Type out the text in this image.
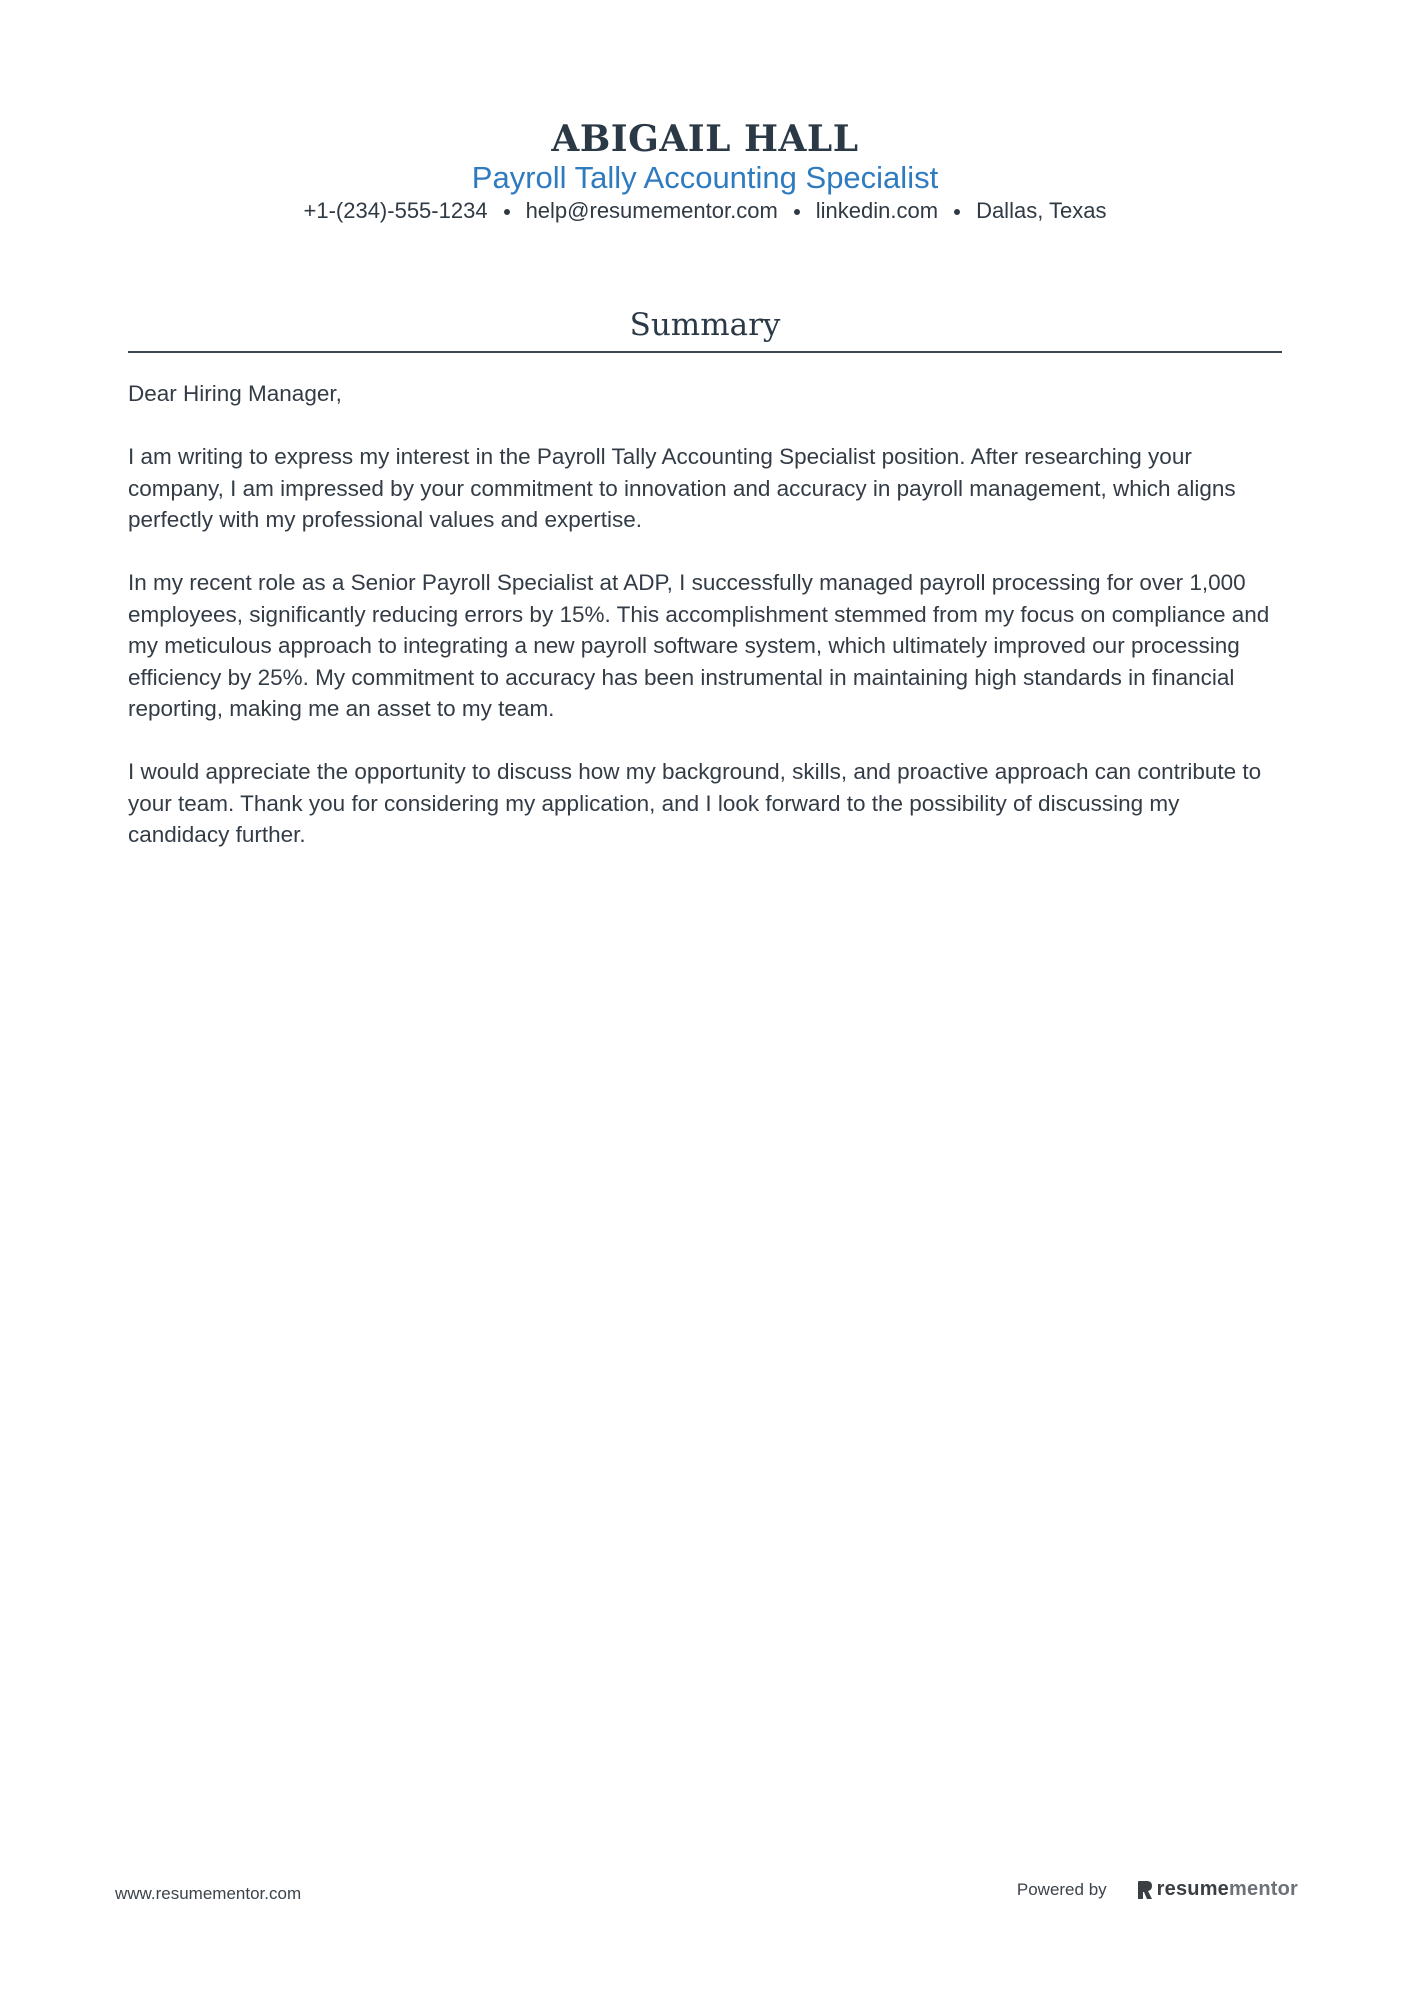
ABIGAIL HALL
Payroll Tally Accounting Specialist
+1-(234)-555-1234 help@resumementor.com linkedin.com Dallas, Texas
Summary

Dear Hiring Manager,

I am writing to express my interest in the Payroll Tally Accounting Specialist position. After researching your company, I am impressed by your commitment to innovation and accuracy in payroll management, which aligns perfectly with my professional values and expertise.

In my recent role as a Senior Payroll Specialist at ADP, I successfully managed payroll processing for over 1,000 employees, significantly reducing errors by 15%. This accomplishment stemmed from my focus on compliance and my meticulous approach to integrating a new payroll software system, which ultimately improved our processing efficiency by 25%. My commitment to accuracy has been instrumental in maintaining high standards in financial reporting, making me an asset to my team.

I would appreciate the opportunity to discuss how my background, skills, and proactive approach can contribute to your team. Thank you for considering my application, and I look forward to the possibility of discussing my candidacy further.

www.resumementor.com	Powered by	resume mentor
